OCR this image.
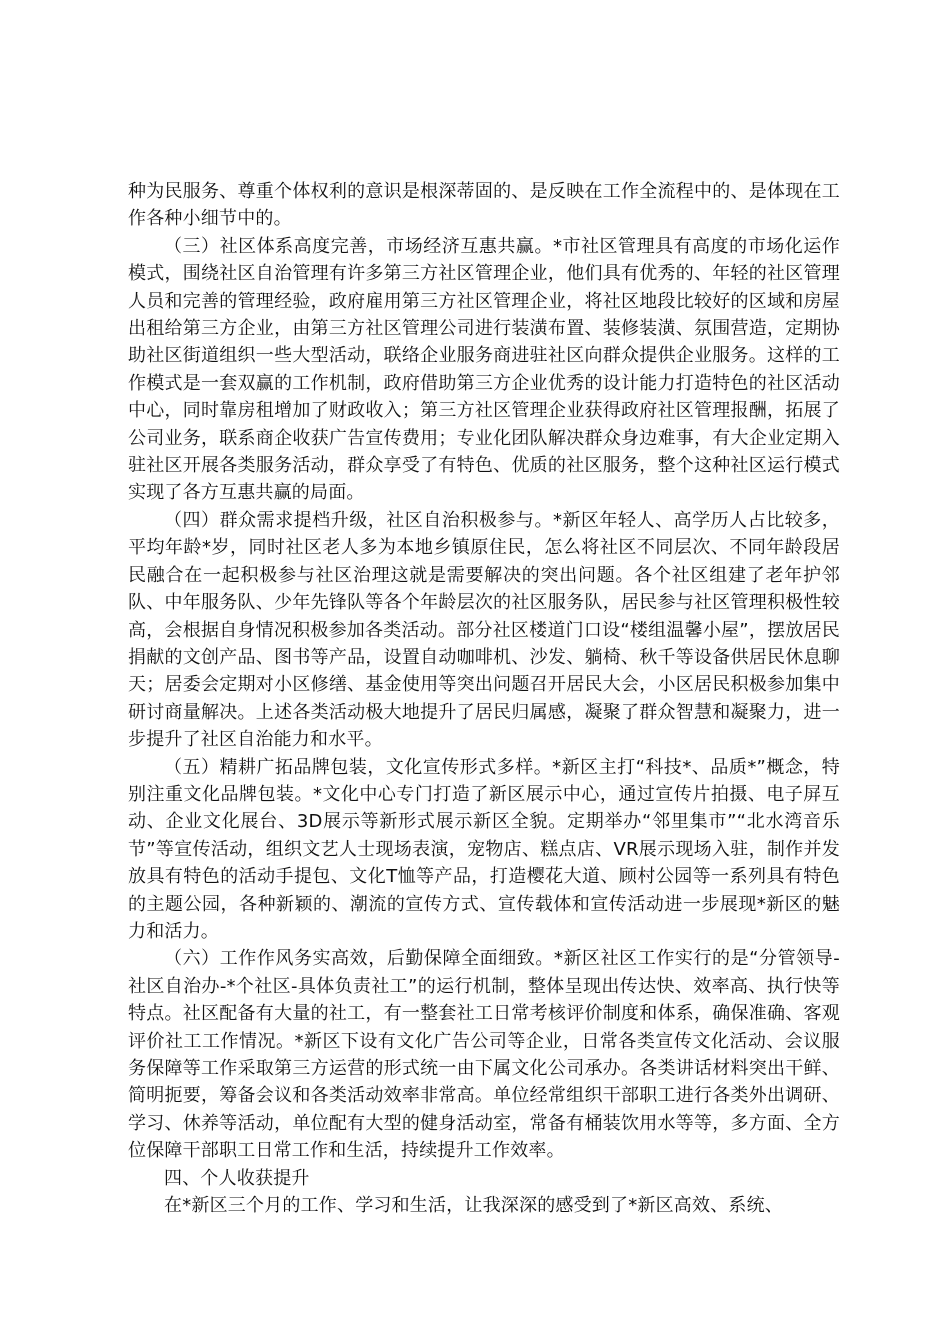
种为民服务、尊重个体权利的意识是根深蒂固的、是反映在工作全流程中的、是体现在工作各种小细节中的。

（三）社区体系高度完善，市场经济互惠共赢。*市社区管理具有高度的市场化运作模式，围绕社区自治管理有许多第三方社区管理企业，他们具有优秀的、年轻的社区管理人员和完善的管理经验，政府雇用第三方社区管理企业，将社区地段比较好的区域和房屋出租给第三方企业，由第三方社区管理公司进行装潢布置、装修装潢、氛围营造，定期协助社区街道组织一些大型活动，联络企业服务商进驻社区向群众提供企业服务。这样的工作模式是一套双赢的工作机制，政府借助第三方企业优秀的设计能力打造特色的社区活动中心，同时靠房租增加了财政收入；第三方社区管理企业获得政府社区管理报酬，拓展了公司业务，联系商企收获广告宣传费用；专业化团队解决群众身边难事，有大企业定期入驻社区开展各类服务活动，群众享受了有特色、优质的社区服务，整个这种社区运行模式实现了各方互惠共赢的局面。

（四）群众需求提档升级，社区自治积极参与。*新区年轻人、高学历人占比较多，平均年龄*岁，同时社区老人多为本地乡镇原住民，怎么将社区不同层次、不同年龄段居民融合在一起积极参与社区治理这就是需要解决的突出问题。各个社区组建了老年护邻队、中年服务队、少年先锋队等各个年龄层次的社区服务队，居民参与社区管理积极性较高，会根据自身情况积极参加各类活动。部分社区楼道门口设“楼组温馨小屋”，摆放居民捐献的文创产品、图书等产品，设置自动咖啡机、沙发、躺椅、秋千等设备供居民休息聊天；居委会定期对小区修缮、基金使用等突出问题召开居民大会，小区居民积极参加集中研讨商量解决。上述各类活动极大地提升了居民归属感，凝聚了群众智慧和凝聚力，进一步提升了社区自治能力和水平。

（五）精耕广拓品牌包装，文化宣传形式多样。*新区主打“科技*、品质*”概念，特别注重文化品牌包装。*文化中心专门打造了新区展示中心，通过宣传片拍摄、电子屏互动、企业文化展台、3D展示等新形式展示新区全貌。定期举办“邻里集市”“北水湾音乐节”等宣传活动，组织文艺人士现场表演，宠物店、糕点店、VR展示现场入驻，制作并发放具有特色的活动手提包、文化T恤等产品，打造樱花大道、顾村公园等一系列具有特色的主题公园，各种新颖的、潮流的宣传方式、宣传载体和宣传活动进一步展现*新区的魅力和活力。

（六）工作作风务实高效，后勤保障全面细致。*新区社区工作实行的是“分管领导-社区自治办-*个社区-具体负责社工”的运行机制，整体呈现出传达快、效率高、执行快等特点。社区配备有大量的社工，有一整套社工日常考核评价制度和体系，确保准确、客观评价社工工作情况。*新区下设有文化广告公司等企业，日常各类宣传文化活动、会议服务保障等工作采取第三方运营的形式统一由下属文化公司承办。各类讲话材料突出干鲜、简明扼要，筹备会议和各类活动效率非常高。单位经常组织干部职工进行各类外出调研、学习、休养等活动，单位配有大型的健身活动室，常备有桶装饮用水等等，多方面、全方位保障干部职工日常工作和生活，持续提升工作效率。

四、个人收获提升

在*新区三个月的工作、学习和生活，让我深深的感受到了*新区高效、系统、
